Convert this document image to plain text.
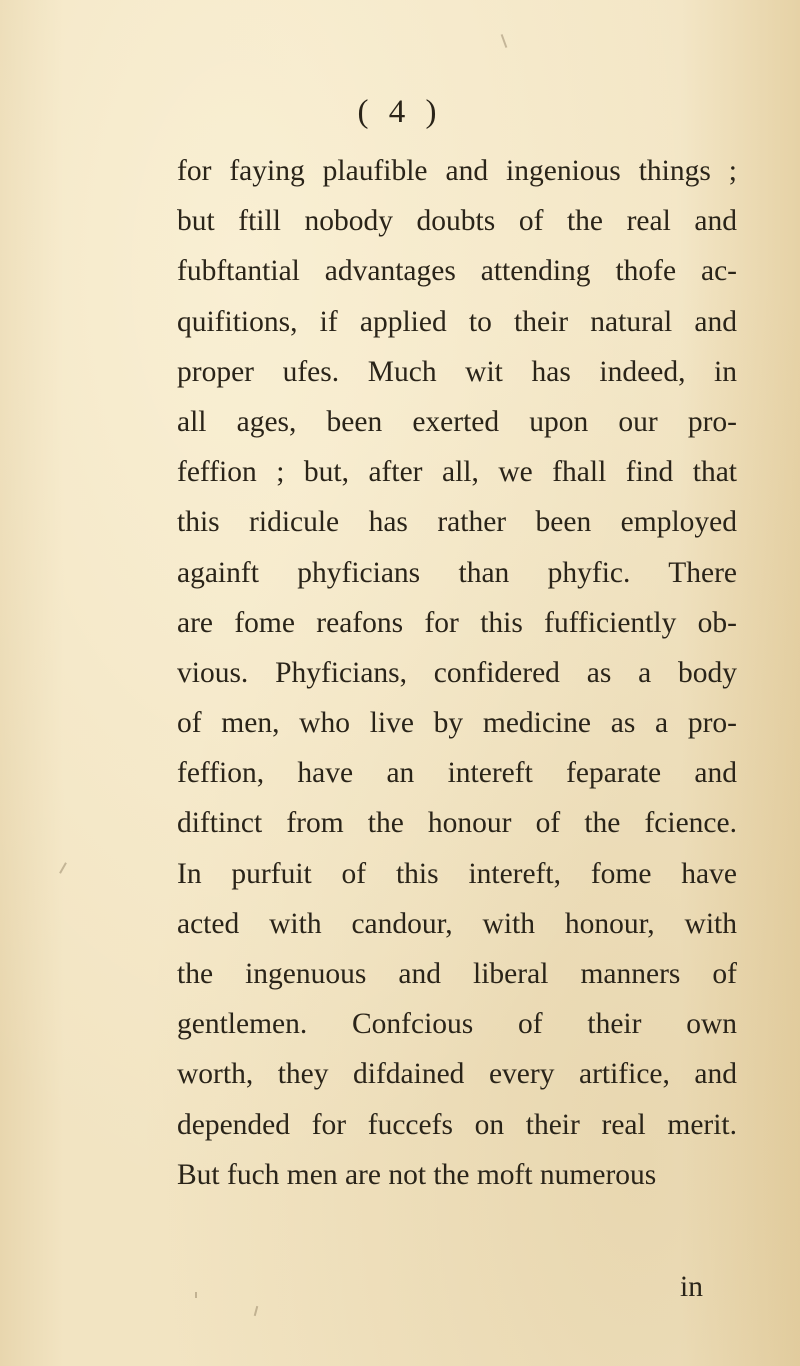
( 4 )
for faying plaufible and ingenious things ;
but ftill nobody doubts of the real and
fubftantial advantages attending thofe ac-
quifitions, if applied to their natural and
proper ufes. Much wit has indeed, in
all ages, been exerted upon our pro-
feffion ; but, after all, we fhall find that
this ridicule has rather been employed
againft phyficians than phyfic. There
are fome reafons for this fufficiently ob-
vious. Phyficians, confidered as a body
of men, who live by medicine as a pro-
feffion, have an intereft feparate and
diftinct from the honour of the fcience.
In purfuit of this intereft, fome have
acted with candour, with honour, with
the ingenuous and liberal manners of
gentlemen. Confcious of their own
worth, they difdained every artifice, and
depended for fuccefs on their real merit.
But fuch men are not the moft numerous
in
